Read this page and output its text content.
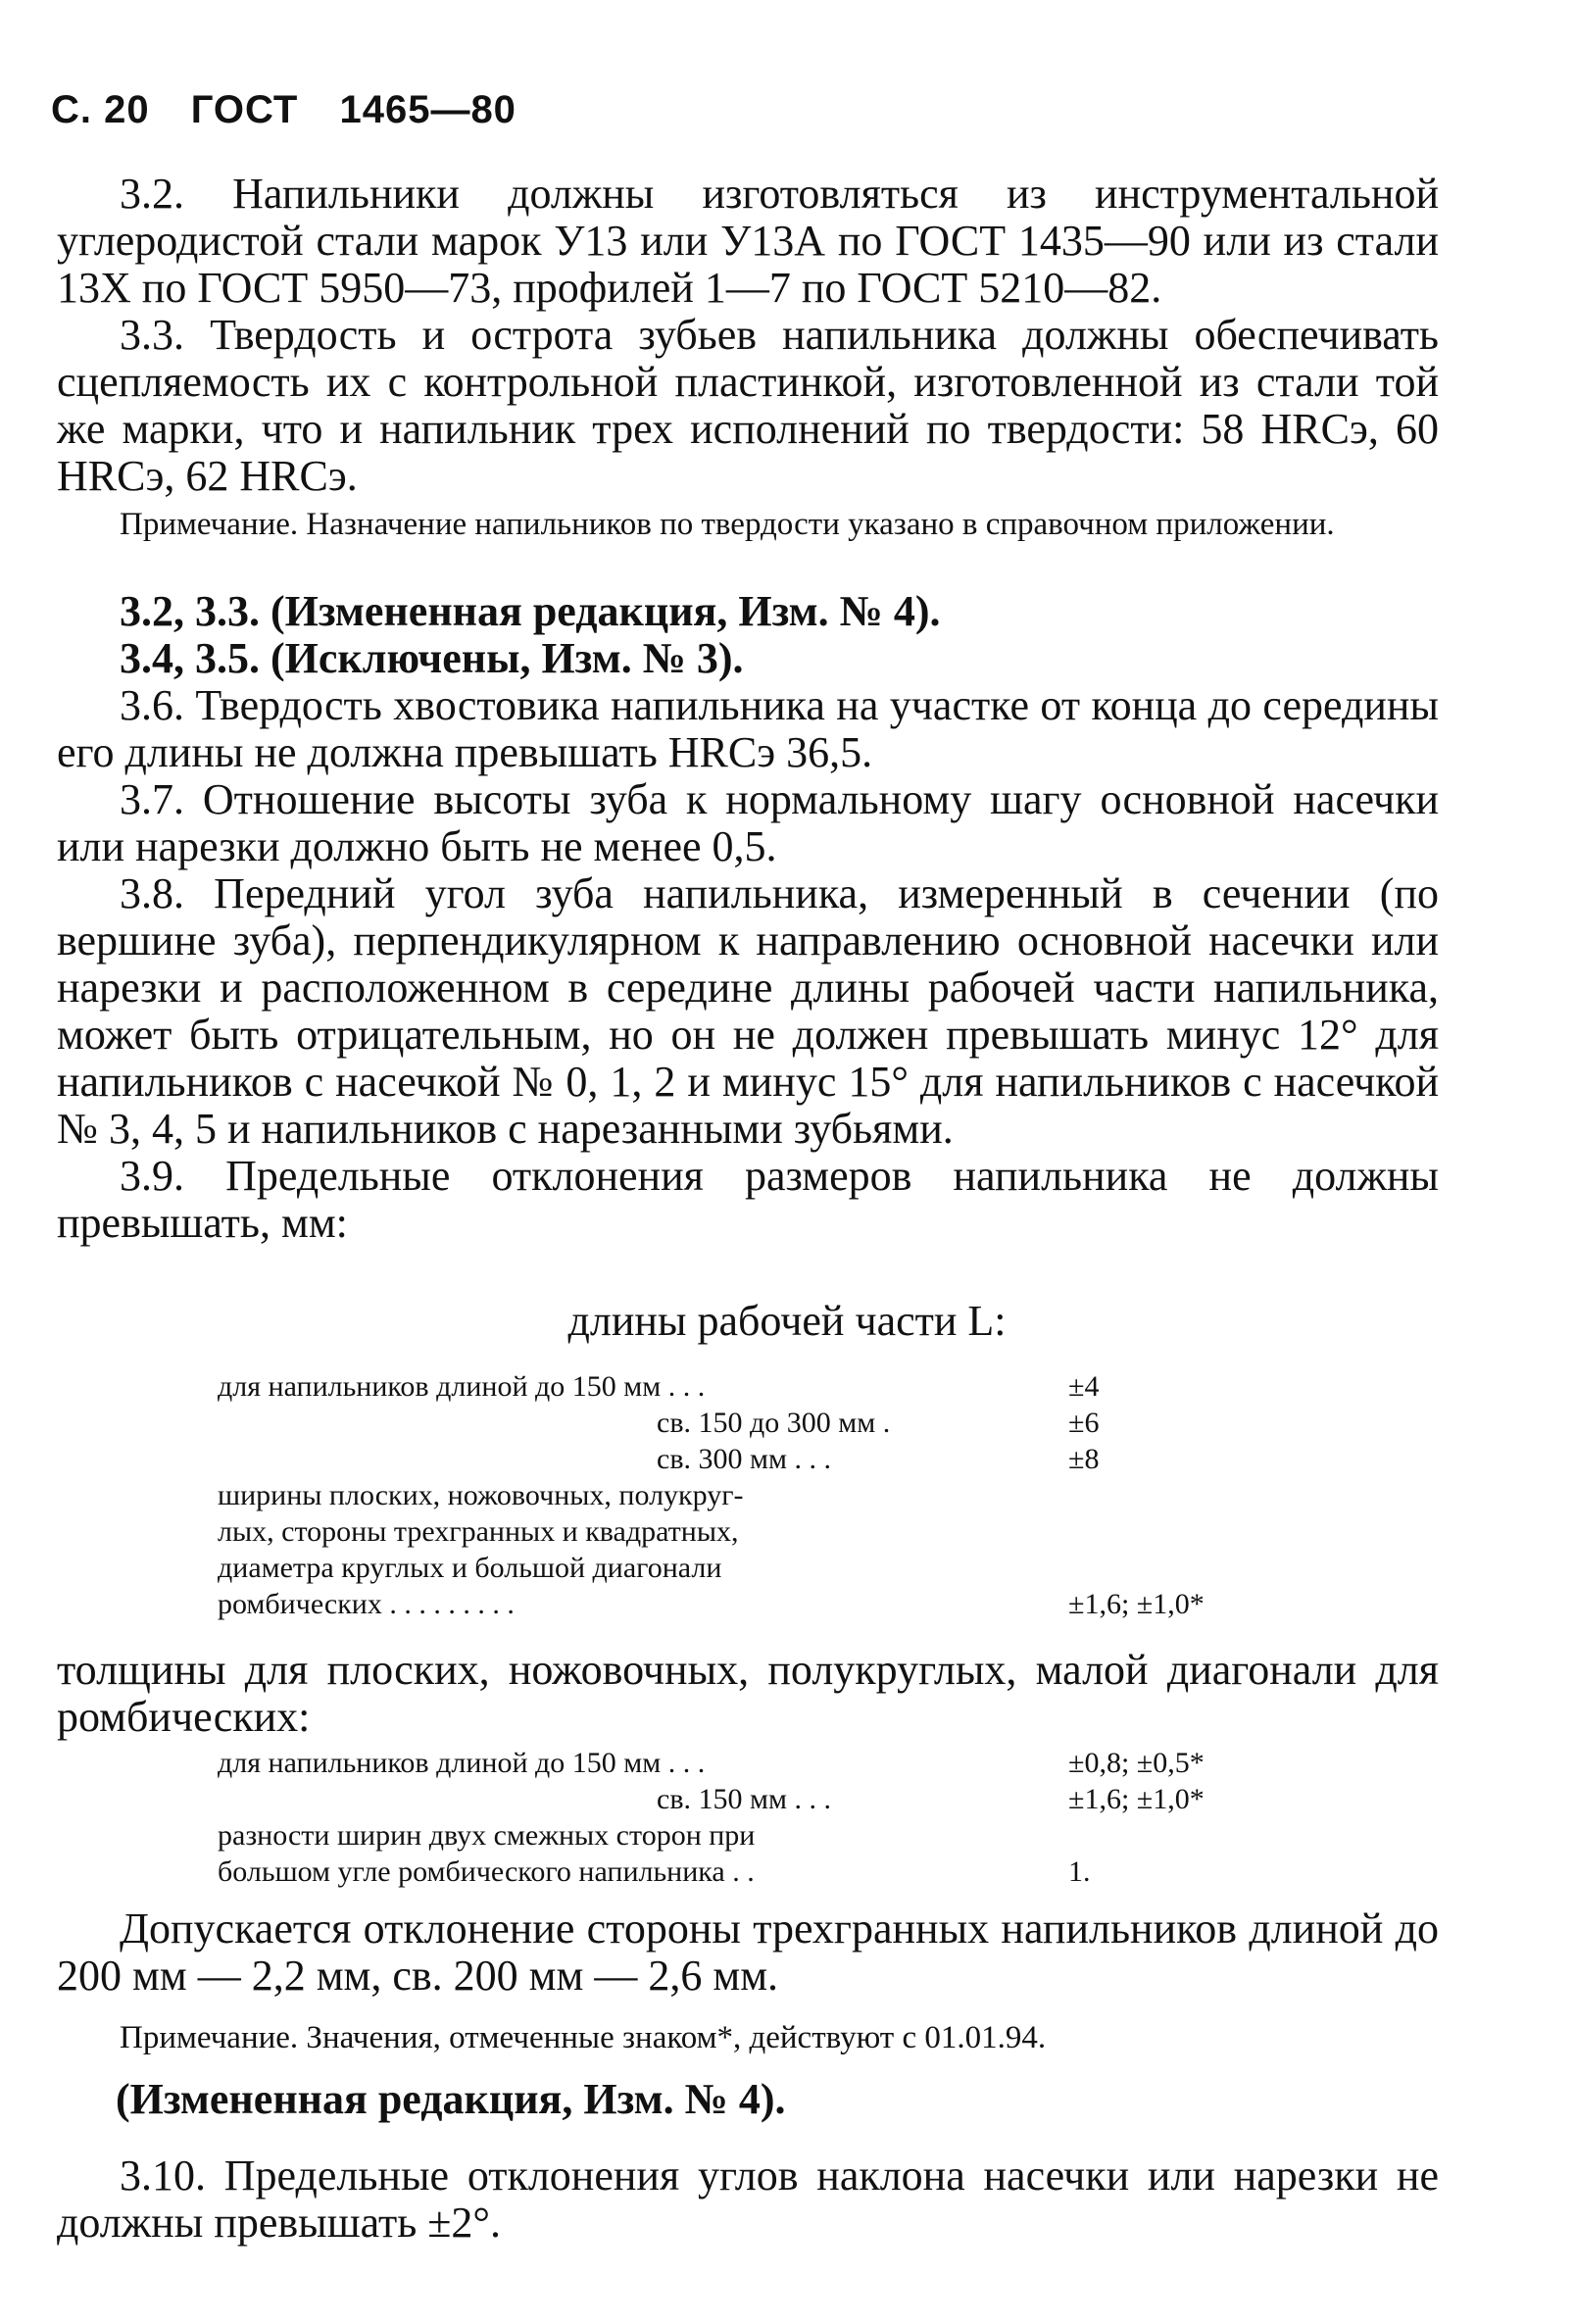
С. 20 ГОСТ 1465—80

3.2. Напильники должны изготовляться из инструментальной углеродистой стали марок У13 или У13А по ГОСТ 1435—90 или из стали 13Х по ГОСТ 5950—73, профилей 1—7 по ГОСТ 5210—82.

3.3. Твердость и острота зубьев напильника должны обеспечивать сцепляемость их с контрольной пластинкой, изготовленной из стали той же марки, что и напильник трех исполнений по твердости: 58 HRCэ, 60 HRCэ, 62 HRCэ.

Примечание. Назначение напильников по твердости указано в справочном приложении.

3.2, 3.3. (Измененная редакция, Изм. № 4).

3.4, 3.5. (Исключены, Изм. № 3).

3.6. Твердость хвостовика напильника на участке от конца до середины его длины не должна превышать HRCэ 36,5.

3.7. Отношение высоты зуба к нормальному шагу основной насечки или нарезки должно быть не менее 0,5.

3.8. Передний угол зуба напильника, измеренный в сечении (по вершине зуба), перпендикулярном к направлению основной насечки или нарезки и расположенном в середине длины рабочей части напильника, может быть отрицательным, но он не должен превышать минус 12° для напильников с насечкой № 0, 1, 2 и минус 15° для напильников с насечкой № 3, 4, 5 и напильников с нарезанными зубьями.

3.9. Предельные отклонения размеров напильника не должны превышать, мм:

длины рабочей части L:
для напильников длиной до 150 мм . . .	±4
св. 150 до 300 мм .	±6
св. 300 мм . . .	±8
ширины плоских, ножовочных, полукруг-
лых, стороны трехгранных и квадратных,
диаметра круглых и большой диагонали
ромбических . . . . . . . . .	±1,6; ±1,0*

толщины для плоских, ножовочных, полукруглых, малой диагонали для ромбических:

для напильников длиной до 150 мм . . .	±0,8; ±0,5*
св. 150 мм . . .	±1,6; ±1,0*
разности ширин двух смежных сторон при
большом угле ромбического напильника . .	1.

Допускается отклонение стороны трехгранных напильников длиной до 200 мм — 2,2 мм, св. 200 мм — 2,6 мм.

Примечание. Значения, отмеченные знаком*, действуют с 01.01.94.

(Измененная редакция, Изм. № 4).

3.10. Предельные отклонения углов наклона насечки или нарезки не должны превышать ±2°.
